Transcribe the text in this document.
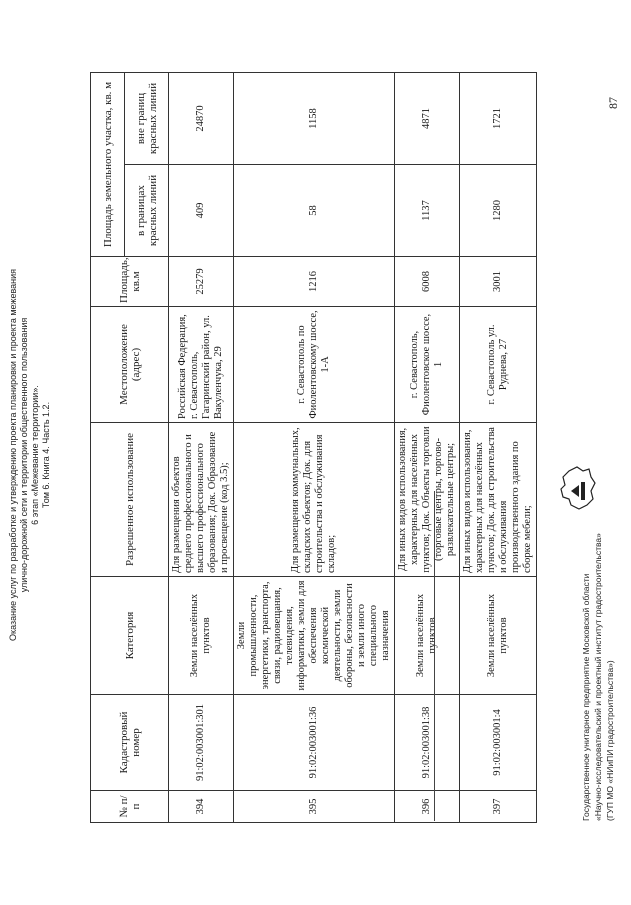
Оказание услуг по разработке и утверждению проекта планировки и проекта межевания улично-дорожной сети и территории общественного пользования 6 этап «Межевание территории». Том 6. Книга 4. Часть 1.2.
№ п/п	Кадастровый номер	Категория	Разрешенное использование	Местоположение (адрес)	Площадь, кв.м	Площадь земельного участка, кв. м	
						в границах красных линий	вне границ красных линий
394	91:02:003001:301	Земли населённых пунктов	Для размещения объектов среднего профессионального и высшего профессионального образования; Док. Образование и просвещение (код 3.5);	Российская Федерация, г. Севастополь, Гагаринский район, ул. Вакуленчука, 29	25279	409	24870
395	91:02:003001:36	Земли промышленности, энергетики, транспорта, связи, радиовещания, телевидения, информатики, земли для обеспечения космической деятельности, земли обороны, безопасности и земли иного специального назначения	Для размещения коммунальных, складских объектов; Док. для строительства и обслуживания складов;	г. Севастополь по Фиолентовскому шоссе, 1-А	1216	58	1158
396	91:02:003001:38	Земли населённых пунктов	Для иных видов использования, характерных для населённых пунктов; Док. Объекты торговли (торговые центры, торгово-развлекательные центры;	г. Севастополь, Фиолентовское шоссе, 1	6008	1137	4871
397	91:02:003001:4	Земли населённых пунктов	Для иных видов использования, характерных для населённых пунктов; Док. для строительства и обслуживания производственного здания по сборке мебели;	г. Севастополь ул. Руднева, 27	3001	1280	1721
Государственное унитарное предприятие Московской области «Научно-исследовательский и проектный институт градостроительства» (ГУП МО «НИиПИ градостроительства»)
87
